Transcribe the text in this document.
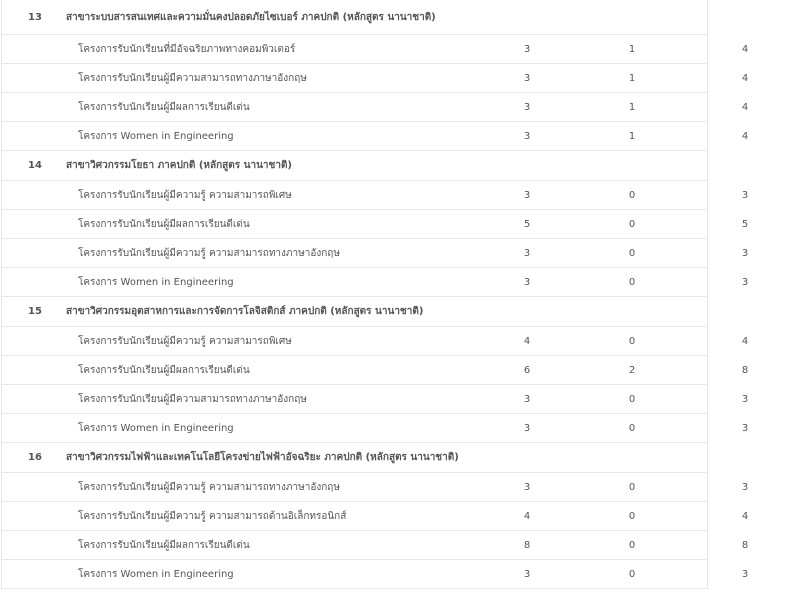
13	สาขาระบบสารสนเทศและความมั่นคงปลอดภัยไซเบอร์ ภาคปกติ (หลักสูตร นานาชาติ)
โครงการรับนักเรียนที่มีอัจฉริยภาพทางคอมพิวเตอร์	3	1	4
โครงการรับนักเรียนผู้มีความสามารถทางภาษาอังกฤษ	3	1	4
โครงการรับนักเรียนผู้มีผลการเรียนดีเด่น	3	1	4
โครงการ Women in Engineering	3	1	4
14	สาขาวิศวกรรมโยธา ภาคปกติ (หลักสูตร นานาชาติ)
โครงการรับนักเรียนผู้มีความรู้ ความสามารถพิเศษ	3	0	3
โครงการรับนักเรียนผู้มีผลการเรียนดีเด่น	5	0	5
โครงการรับนักเรียนผู้มีความรู้ ความสามารถทางภาษาอังกฤษ	3	0	3
โครงการ Women in Engineering	3	0	3
15	สาขาวิศวกรรมอุตสาหการและการจัดการโลจิสติกส์ ภาคปกติ (หลักสูตร นานาชาติ)
โครงการรับนักเรียนผู้มีความรู้ ความสามารถพิเศษ	4	0	4
โครงการรับนักเรียนผู้มีผลการเรียนดีเด่น	6	2	8
โครงการรับนักเรียนผู้มีความสามารถทางภาษาอังกฤษ	3	0	3
โครงการ Women in Engineering	3	0	3
16	สาขาวิศวกรรมไฟฟ้าและเทคโนโลยีโครงข่ายไฟฟ้าอัจฉริยะ ภาคปกติ (หลักสูตร นานาชาติ)
โครงการรับนักเรียนผู้มีความรู้ ความสามารถทางภาษาอังกฤษ	3	0	3
โครงการรับนักเรียนผู้มีความรู้ ความสามารถด้านอิเล็กทรอนิกส์	4	0	4
โครงการรับนักเรียนผู้มีผลการเรียนดีเด่น	8	0	8
โครงการ Women in Engineering	3	0	3
